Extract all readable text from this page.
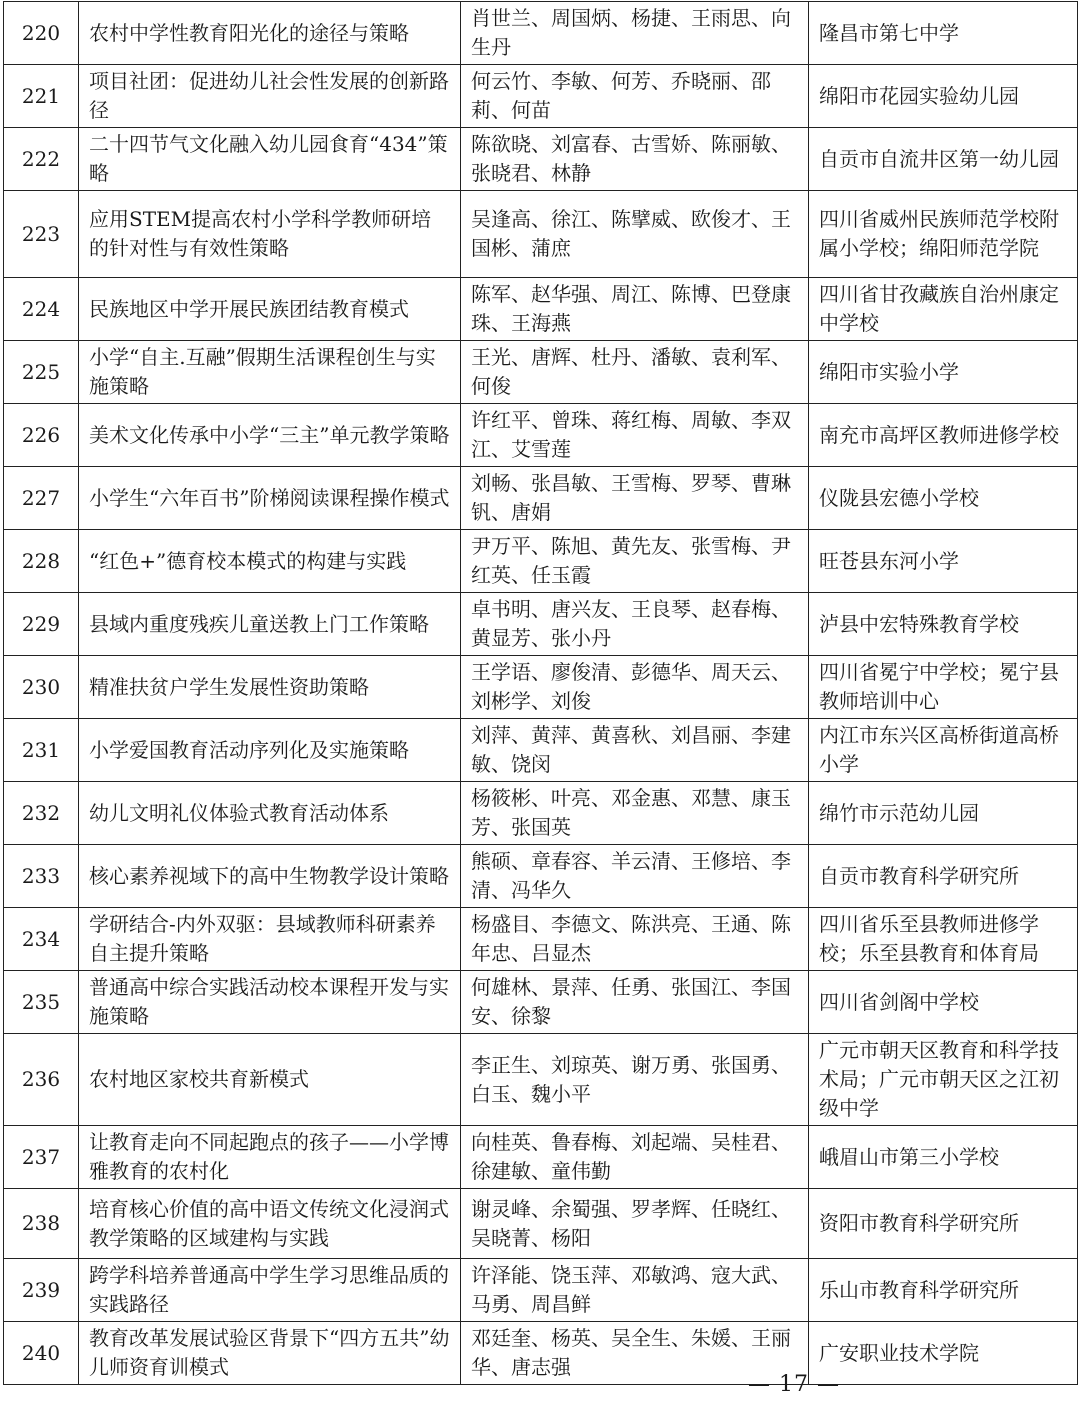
220	农村中学性教育阳光化的途径与策略	肖世兰、周国炳、杨捷、王雨思、向生丹	隆昌市第七中学
221	项目社团：促进幼儿社会性发展的创新路径	何云竹、李敏、何芳、乔晓丽、邵莉、何苗	绵阳市花园实验幼儿园
222	二十四节气文化融入幼儿园食育“434”策略	陈欲晓、刘富春、古雪娇、陈丽敏、张晓君、林静	自贡市自流井区第一幼儿园
223	应用STEM提高农村小学科学教师研培的针对性与有效性策略	吴逢高、徐江、陈擘威、欧俊才、王国彬、蒲庶	四川省威州民族师范学校附属小学校；绵阳师范学院
224	民族地区中学开展民族团结教育模式	陈军、赵华强、周江、陈博、巴登康珠、王海燕	四川省甘孜藏族自治州康定中学校
225	小学“自主.互融”假期生活课程创生与实施策略	王光、唐辉、杜丹、潘敏、袁利军、何俊	绵阳市实验小学
226	美术文化传承中小学“三主”单元教学策略	许红平、曾珠、蒋红梅、周敏、李双江、艾雪莲	南充市高坪区教师进修学校
227	小学生“六年百书”阶梯阅读课程操作模式	刘畅、张昌敏、王雪梅、罗琴、曹琳钒、唐娟	仪陇县宏德小学校
228	“红色+”德育校本模式的构建与实践	尹万平、陈旭、黄先友、张雪梅、尹红英、任玉霞	旺苍县东河小学
229	县域内重度残疾儿童送教上门工作策略	卓书明、唐兴友、王良琴、赵春梅、黄显芳、张小丹	泸县中宏特殊教育学校
230	精准扶贫户学生发展性资助策略	王学语、廖俊清、彭德华、周天云、刘彬学、刘俊	四川省冕宁中学校；冕宁县教师培训中心
231	小学爱国教育活动序列化及实施策略	刘萍、黄萍、黄喜秋、刘昌丽、李建敏、饶闵	内江市东兴区高桥街道高桥小学
232	幼儿文明礼仪体验式教育活动体系	杨筱彬、叶亮、邓金惠、邓慧、康玉芳、张国英	绵竹市示范幼儿园
233	核心素养视域下的高中生物教学设计策略	熊硕、章春容、羊云清、王修培、李清、冯华久	自贡市教育科学研究所
234	学研结合-内外双驱：县域教师科研素养自主提升策略	杨盛目、李德文、陈洪亮、王通、陈年忠、吕显杰	四川省乐至县教师进修学校；乐至县教育和体育局
235	普通高中综合实践活动校本课程开发与实施策略	何雄林、景萍、任勇、张国江、李国安、徐黎	四川省剑阁中学校
236	农村地区家校共育新模式	李正生、刘琼英、谢万勇、张国勇、白玉、魏小平	广元市朝天区教育和科学技术局；广元市朝天区之江初级中学
237	让教育走向不同起跑点的孩子——小学博雅教育的农村化	向桂英、鲁春梅、刘起端、吴桂君、徐建敏、童伟勤	峨眉山市第三小学校
238	培育核心价值的高中语文传统文化浸润式教学策略的区域建构与实践	谢灵峰、余蜀强、罗孝辉、任晓红、吴晓菁、杨阳	资阳市教育科学研究所
239	跨学科培养普通高中学生学习思维品质的实践路径	许泽能、饶玉萍、邓敏鸿、寇大武、马勇、周昌鲜	乐山市教育科学研究所
240	教育改革发展试验区背景下“四方五共”幼儿师资育训模式	邓廷奎、杨英、吴全生、朱媛、王丽华、唐志强	广安职业技术学院
— 17 —
